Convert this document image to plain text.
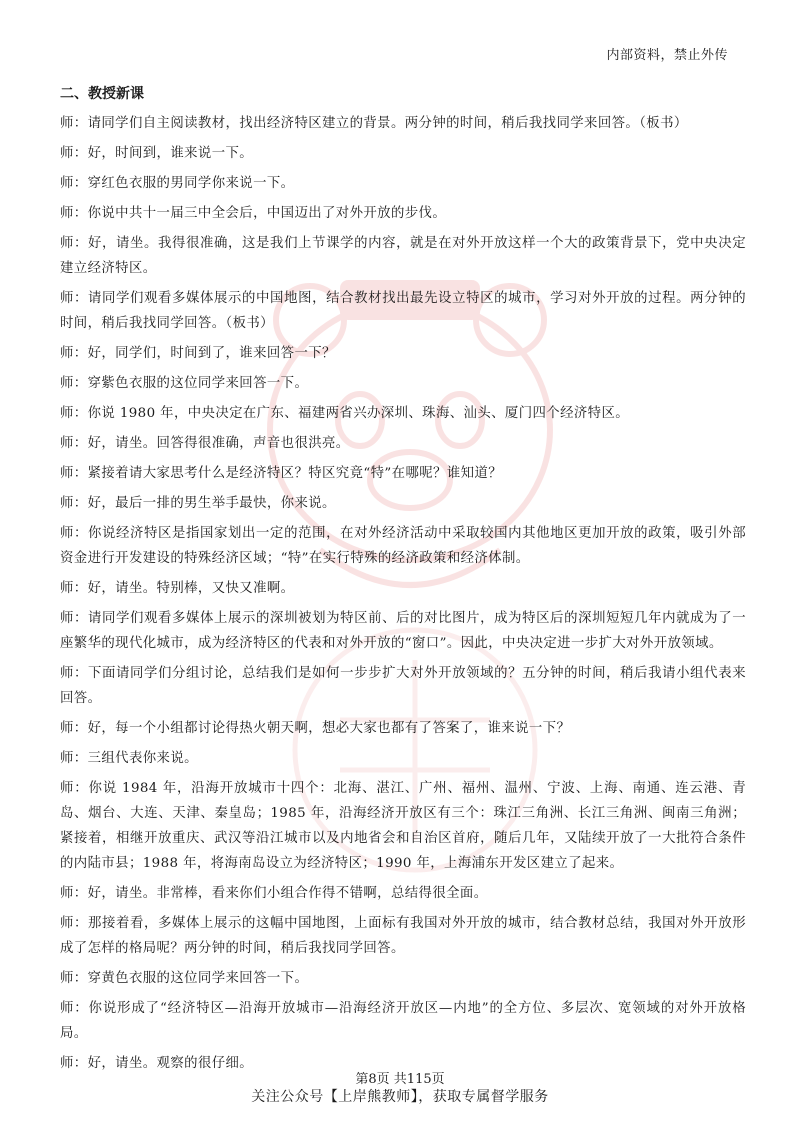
内部资料，禁止外传
二、教授新课

师：请同学们自主阅读教材，找出经济特区建立的背景。两分钟的时间，稍后我找同学来回答。（板书）

师：好，时间到，谁来说一下。

师：穿红色衣服的男同学你来说一下。

师：你说中共十一届三中全会后，中国迈出了对外开放的步伐。

师：好，请坐。我得很准确，这是我们上节课学的内容，就是在对外开放这样一个大的政策背景下，党中央决定建立经济特区。

师：请同学们观看多媒体展示的中国地图，结合教材找出最先设立特区的城市，学习对外开放的过程。两分钟的时间，稍后我找同学回答。（板书）

师：好，同学们，时间到了，谁来回答一下？

师：穿紫色衣服的这位同学来回答一下。

师：你说 1980 年，中央决定在广东、福建两省兴办深圳、珠海、汕头、厦门四个经济特区。

师：好，请坐。回答得很准确，声音也很洪亮。

师：紧接着请大家思考什么是经济特区？特区究竟“特”在哪呢？谁知道？

师：好，最后一排的男生举手最快，你来说。

师：你说经济特区是指国家划出一定的范围，在对外经济活动中采取较国内其他地区更加开放的政策，吸引外部资金进行开发建设的特殊经济区域；“特”在实行特殊的经济政策和经济体制。

师：好，请坐。特别棒，又快又准啊。

师：请同学们观看多媒体上展示的深圳被划为特区前、后的对比图片，成为特区后的深圳短短几年内就成为了一座繁华的现代化城市，成为经济特区的代表和对外开放的“窗口”。因此，中央决定进一步扩大对外开放领域。

师：下面请同学们分组讨论，总结我们是如何一步步扩大对外开放领域的？五分钟的时间，稍后我请小组代表来回答。

师：好，每一个小组都讨论得热火朝天啊，想必大家也都有了答案了，谁来说一下？

师：三组代表你来说。

师：你说 1984 年，沿海开放城市十四个：北海、湛江、广州、福州、温州、宁波、上海、南通、连云港、青岛、烟台、大连、天津、秦皇岛；1985 年，沿海经济开放区有三个：珠江三角洲、长江三角洲、闽南三角洲；紧接着，相继开放重庆、武汉等沿江城市以及内地省会和自治区首府，随后几年，又陆续开放了一大批符合条件的内陆市县；1988 年，将海南岛设立为经济特区；1990 年，上海浦东开发区建立了起来。

师：好，请坐。非常棒，看来你们小组合作得不错啊，总结得很全面。

师：那接着看，多媒体上展示的这幅中国地图，上面标有我国对外开放的城市，结合教材总结，我国对外开放形成了怎样的格局呢？两分钟的时间，稍后我找同学回答。

师：穿黄色衣服的这位同学来回答一下。

师：你说形成了“经济特区—沿海开放城市—沿海经济开放区—内地”的全方位、多层次、宽领域的对外开放格局。

师：好，请坐。观察的很仔细。

第8页 共115页
关注公众号【上岸熊教师】，获取专属督学服务
